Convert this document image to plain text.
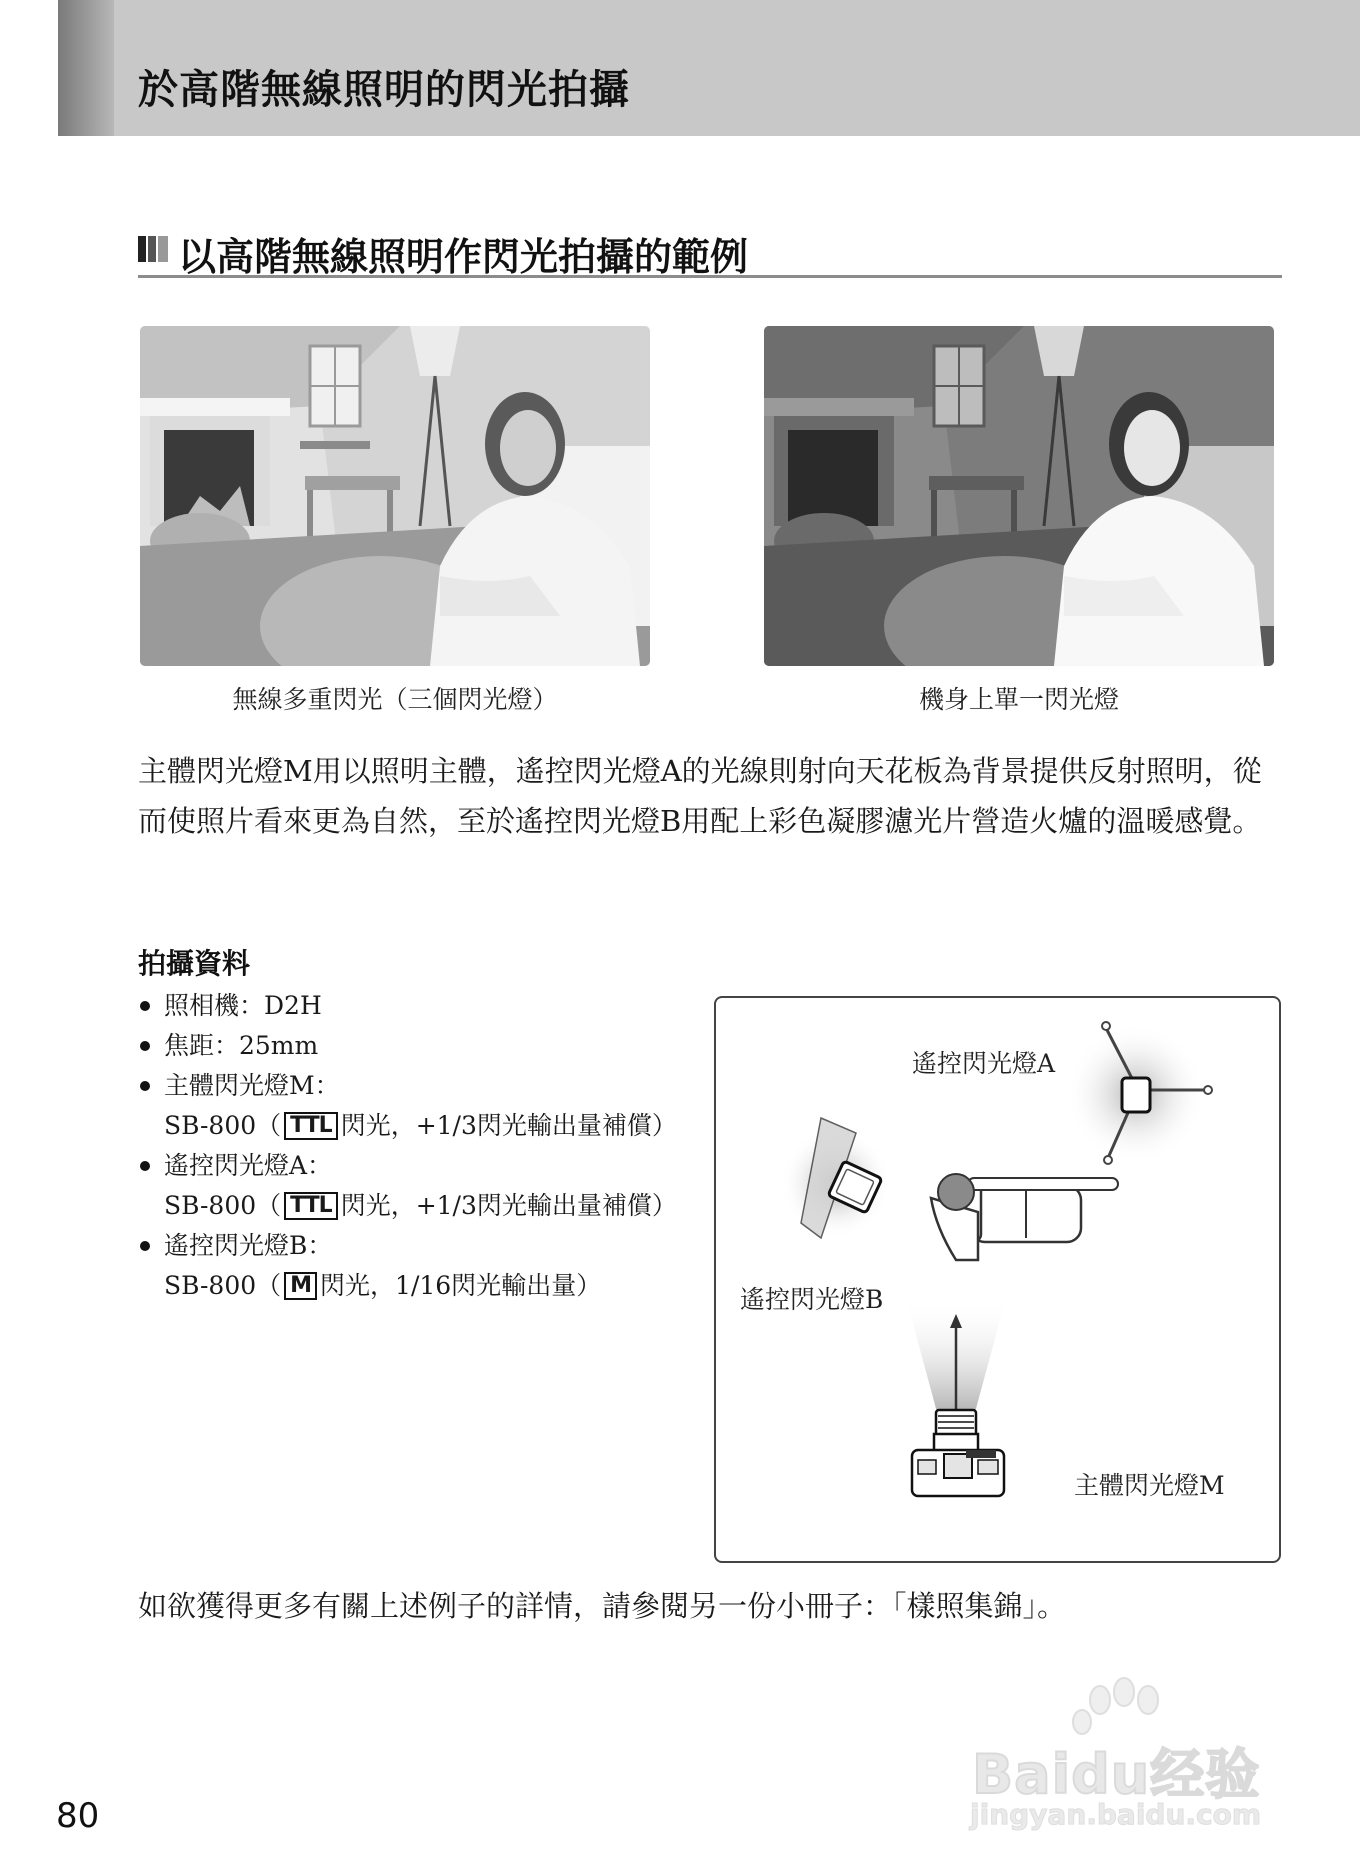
於高階無線照明的閃光拍攝
以高階無線照明作閃光拍攝的範例
無線多重閃光（三個閃光燈）	機身上單一閃光燈

主體閃光燈M用以照明主體，遙控閃光燈A的光線則射向天花板為背景提供反射照明，從而使照片看來更為自然，至於遙控閃光燈B用配上彩色凝膠濾光片營造火爐的溫暖感覺。

拍攝資料
照相機：D2H
焦距：25mm
主體閃光燈M：
SB-800（ TTL 閃光，+1/3閃光輸出量補償）
遙控閃光燈A：
SB-800（ TTL 閃光，+1/3閃光輸出量補償）
遙控閃光燈B：
SB-800（ M 閃光，1/16閃光輸出量）
遙控閃光燈A
遙控閃光燈B
主體閃光燈M

如欲獲得更多有關上述例子的詳情，請參閱另一份小冊子：「樣照集錦」。

Baidu经验
jingyan.baidu.com
80
